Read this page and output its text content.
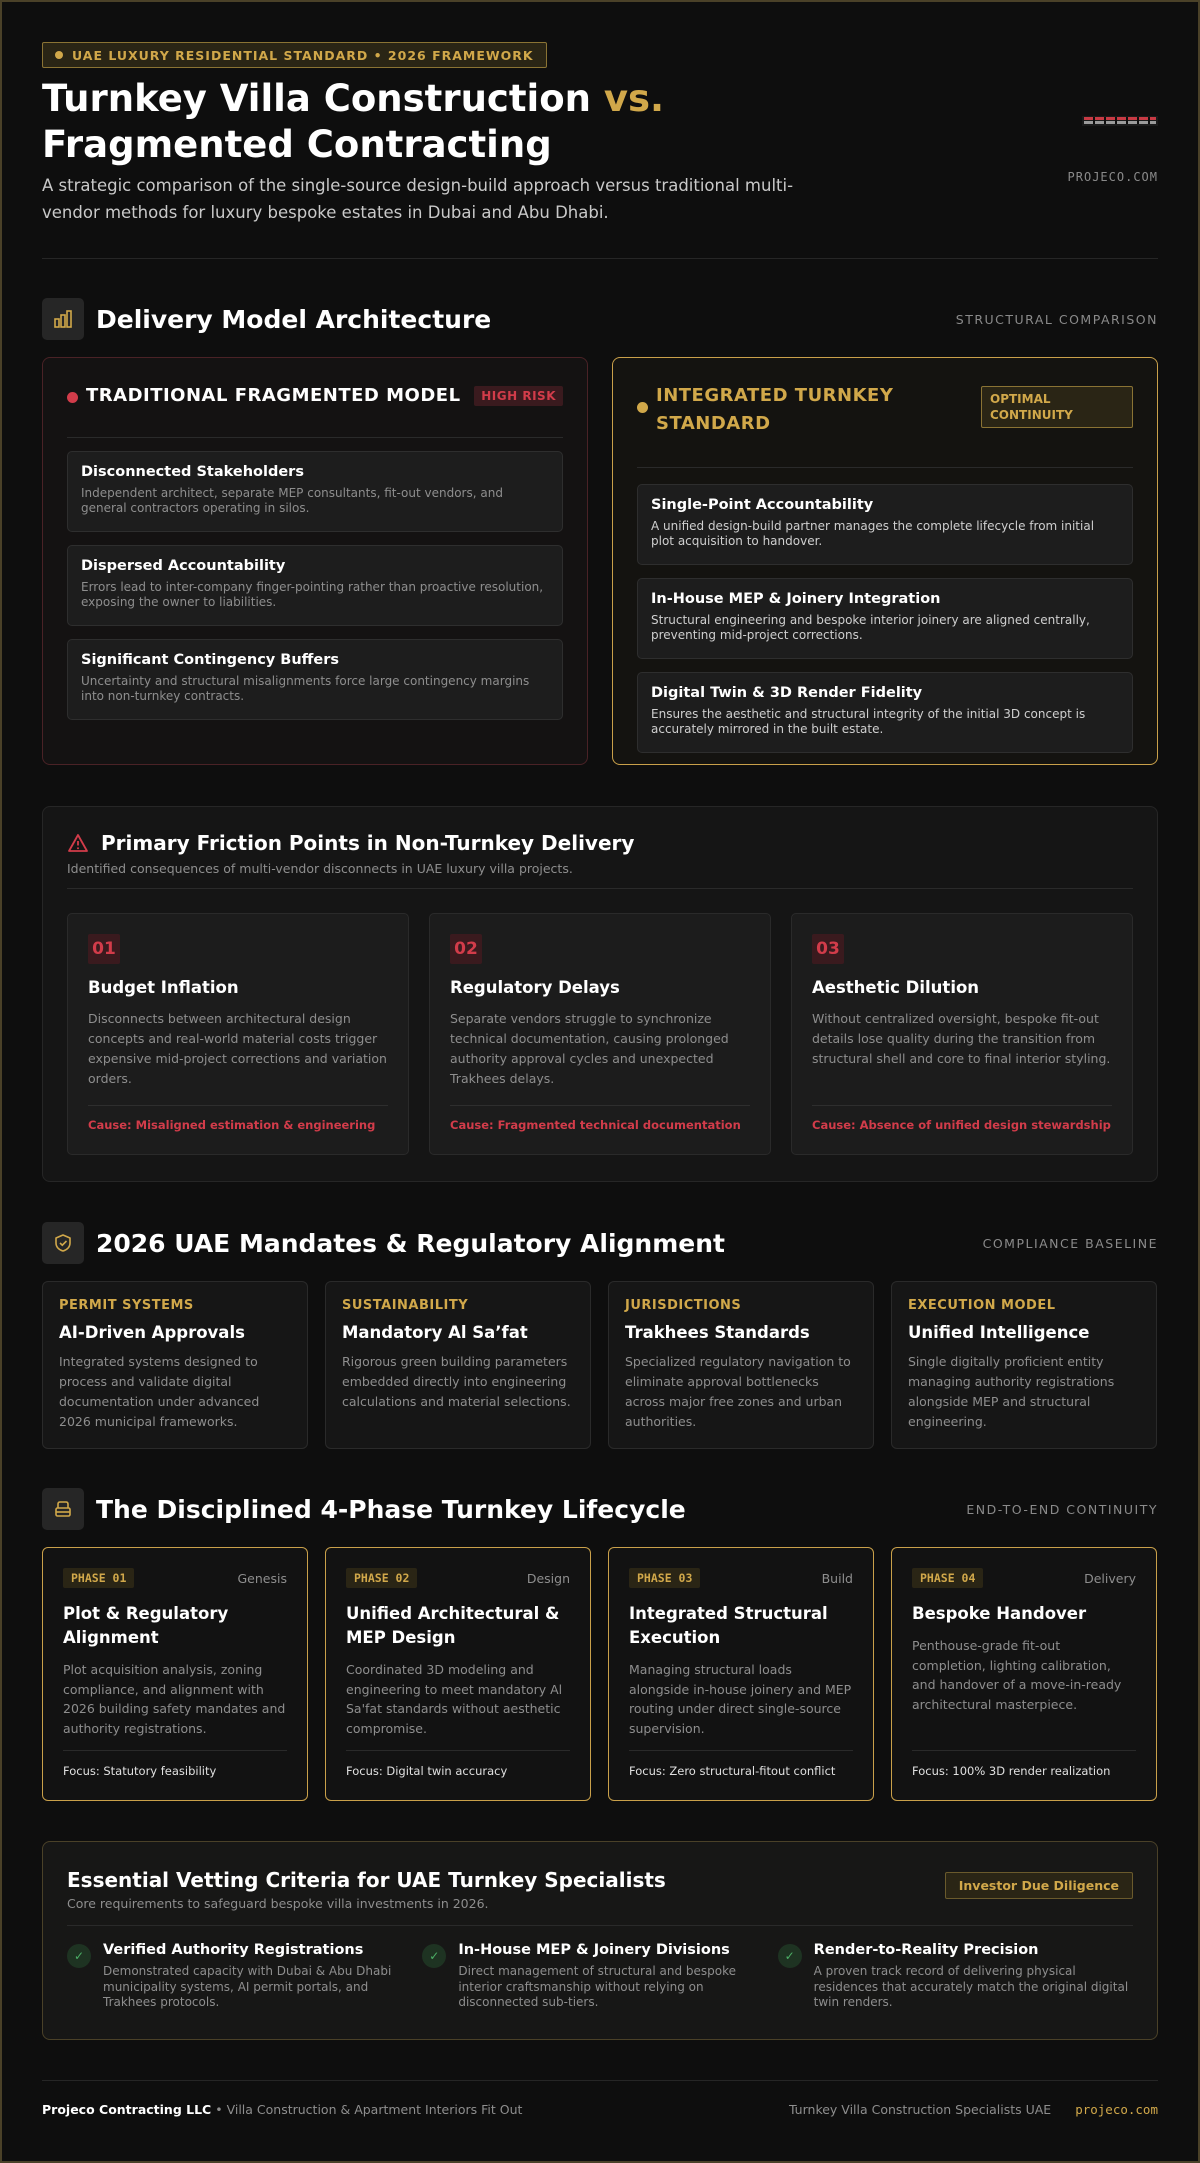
UAE LUXURY RESIDENTIAL STANDARD • 2026 FRAMEWORK
Turnkey Villa Construction vs.
Fragmented Contracting
A strategic comparison of the single-source design-build approach versus traditional multi-vendor methods for luxury bespoke estates in Dubai and Abu Dhabi.
PROJECO.COM
Delivery Model Architecture	STRUCTURAL COMPARISON
TRADITIONAL FRAGMENTED MODEL	HIGH RISK
Disconnected Stakeholders
Independent architect, separate MEP consultants, fit-out vendors, and general contractors operating in silos.
Dispersed Accountability
Errors lead to inter-company finger-pointing rather than proactive resolution, exposing the owner to liabilities.
Significant Contingency Buffers
Uncertainty and structural misalignments force large contingency margins into non-turnkey contracts.
INTEGRATED TURNKEY STANDARD
OPTIMAL CONTINUITY
Single-Point Accountability
A unified design-build partner manages the complete lifecycle from initial plot acquisition to handover.
In-House MEP & Joinery Integration
Structural engineering and bespoke interior joinery are aligned centrally, preventing mid-project corrections.
Digital Twin & 3D Render Fidelity
Ensures the aesthetic and structural integrity of the initial 3D concept is accurately mirrored in the built estate.
Primary Friction Points in Non-Turnkey Delivery
Identified consequences of multi-vendor disconnects in UAE luxury villa projects.
01
Budget Inflation
Disconnects between architectural design concepts and real-world material costs trigger expensive mid-project corrections and variation orders.
Cause: Misaligned estimation & engineering
02
Regulatory Delays
Separate vendors struggle to synchronize technical documentation, causing prolonged authority approval cycles and unexpected Trakhees delays.
Cause: Fragmented technical documentation
03
Aesthetic Dilution
Without centralized oversight, bespoke fit-out details lose quality during the transition from structural shell and core to final interior styling.
Cause: Absence of unified design stewardship
2026 UAE Mandates & Regulatory Alignment	COMPLIANCE BASELINE
PERMIT SYSTEMS
AI-Driven Approvals
Integrated systems designed to process and validate digital documentation under advanced 2026 municipal frameworks.
SUSTAINABILITY
Mandatory Al Sa’fat
Rigorous green building parameters embedded directly into engineering calculations and material selections.
JURISDICTIONS
Trakhees Standards
Specialized regulatory navigation to eliminate approval bottlenecks across major free zones and urban authorities.
EXECUTION MODEL
Unified Intelligence
Single digitally proficient entity managing authority registrations alongside MEP and structural engineering.
The Disciplined 4-Phase Turnkey Lifecycle	END-TO-END CONTINUITY
PHASE 01	Genesis
Plot & Regulatory Alignment
Plot acquisition analysis, zoning compliance, and alignment with 2026 building safety mandates and authority registrations.
Focus: Statutory feasibility
PHASE 02	Design
Unified Architectural & MEP Design
Coordinated 3D modeling and engineering to meet mandatory Al Sa'fat standards without aesthetic compromise.
Focus: Digital twin accuracy
PHASE 03	Build
Integrated Structural Execution
Managing structural loads alongside in-house joinery and MEP routing under direct single-source supervision.
Focus: Zero structural-fitout conflict
PHASE 04	Delivery
Bespoke Handover
Penthouse-grade fit-out completion, lighting calibration, and handover of a move-in-ready architectural masterpiece.
Focus: 100% 3D render realization
Essential Vetting Criteria for UAE Turnkey Specialists
Core requirements to safeguard bespoke villa investments in 2026.
Investor Due Diligence
✓	Verified Authority Registrations
Demonstrated capacity with Dubai & Abu Dhabi municipality systems, AI permit portals, and Trakhees protocols.
✓	In-House MEP & Joinery Divisions
Direct management of structural and bespoke interior craftsmanship without relying on disconnected sub-tiers.
✓	Render-to-Reality Precision
A proven track record of delivering physical residences that accurately match the original digital twin renders.
Projeco Contracting LLC • Villa Construction & Apartment Interiors Fit Out	Turnkey Villa Construction Specialists UAE projeco.com
